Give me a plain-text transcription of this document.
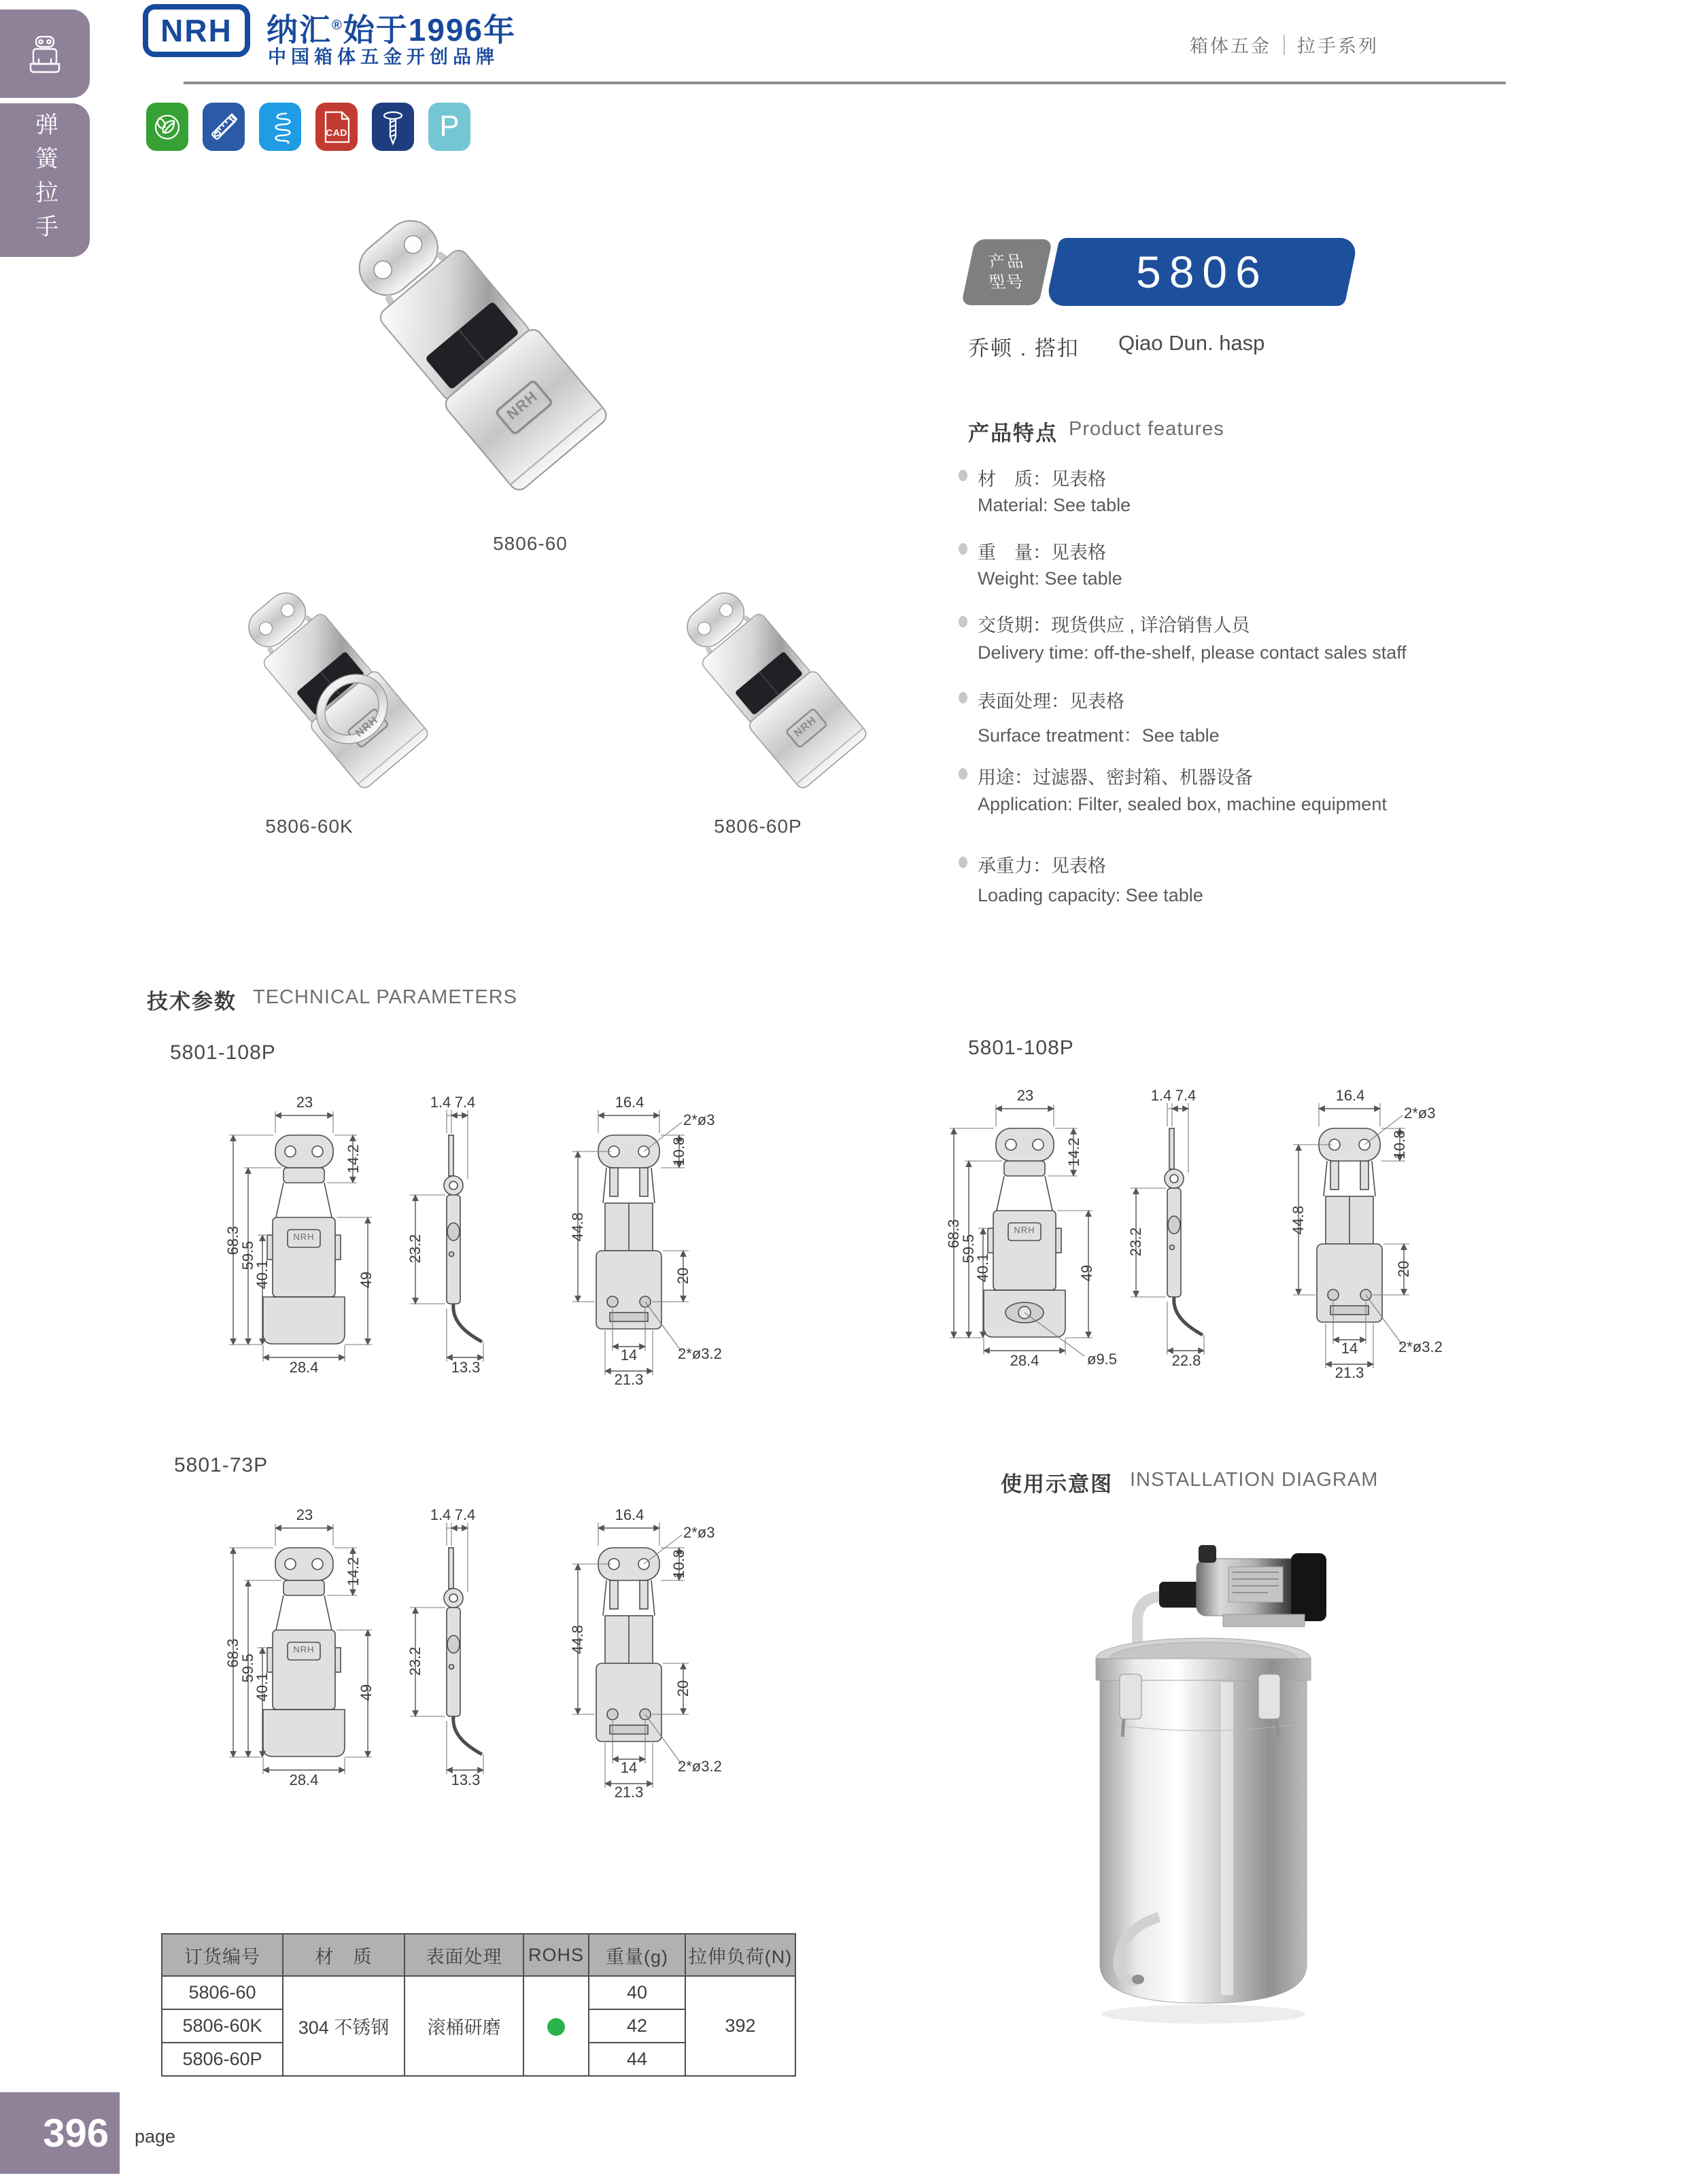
弹簧拉手
NRH 纳汇®始于1996年
中国箱体五金开创品牌
箱体五金 拉手系列
CAD	P
NRH
5806-60
NRH
5806-60K
NRH
5806-60P
产品
型号 5806
乔顿 . 搭扣 Qiao Dun. hasp
产品特点 Product features
材　质：见表格
Material: See table
重　量：见表格
Weight: See table
交货期：现货供应 , 详洽销售人员
Delivery time: off-the-shelf, please contact sales staff
表面处理：见表格
Surface treatment：See table
用途：过滤器、密封箱、机器设备
Application: Filter, sealed box, machine equipment
承重力：见表格
Loading capacity: See table
技术参数 TECHNICAL PARAMETERS
5801-108P	5801-108P
5801-73P
23
14.2
68.3
59.5
40.1	49
28.4
1.4 7.4
23.2
13.3
16.4
2*ø3
10.8
44.8
20
2*ø3.2
14
21.3
NRH
23
14.2
68.3
59.5
40.1	49
28.4	ø9.5
1.4 7.4
23.2
22.8
16.4
2*ø3
10.8
44.8
20
2*ø3.2
14
21.3
NRH
23
14.2
68.3
59.5
40.1	49
28.4
1.4 7.4
23.2
13.3
16.4
2*ø3
10.8
44.8
20
2*ø3.2
14
21.3
NRH
使用示意图 INSTALLATION DIAGRAM
订货编号	材　质	表面处理	ROHS	重量(g)	拉伸负荷(N)
5806-60	304 不锈钢	滚桶研磨		40	392
5806-60K				42	
5806-60P				44	
396	page
